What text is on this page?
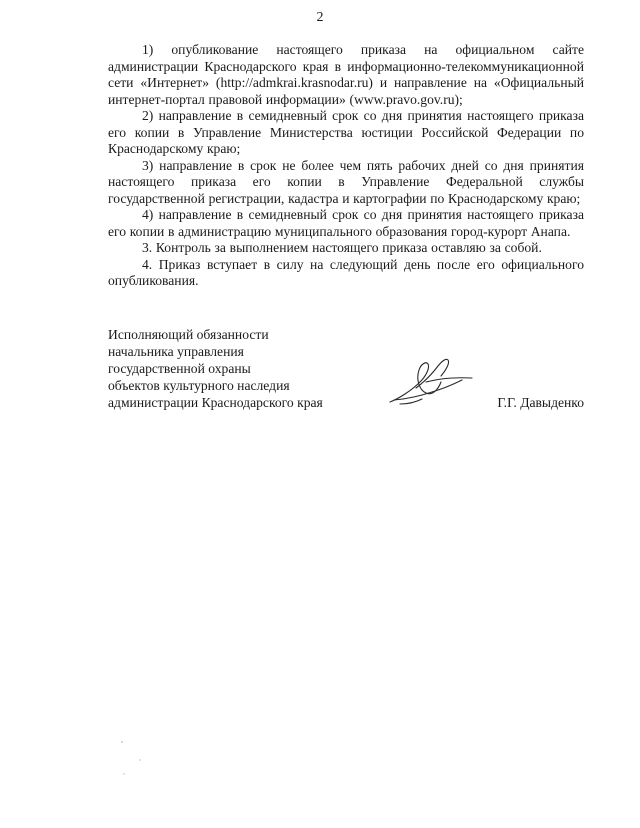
2

1) опубликование настоящего приказа на официальном сайте администрации Краснодарского края в информационно-телекоммуникационной сети «Интернет» (http://admkrai.krasnodar.ru) и направление на «Официальный интернет-портал правовой информации» (www.pravo.gov.ru);

2) направление в семидневный срок со дня принятия настоящего приказа его копии в Управление Министерства юстиции Российской Федерации по Краснодарскому краю;

3) направление в срок не более чем пять рабочих дней со дня принятия настоящего приказа его копии в Управление Федеральной службы государственной регистрации, кадастра и картографии по Краснодарскому краю;

4) направление в семидневный срок со дня принятия настоящего приказа его копии в администрацию муниципального образования город-курорт Анапа.

3. Контроль за выполнением настоящего приказа оставляю за собой.

4. Приказ вступает в силу на следующий день после его официального опубликования.

Исполняющий обязанности
начальника управления
государственной охраны
объектов культурного наследия
администрации Краснодарского края	Г.Г. Давыденко
